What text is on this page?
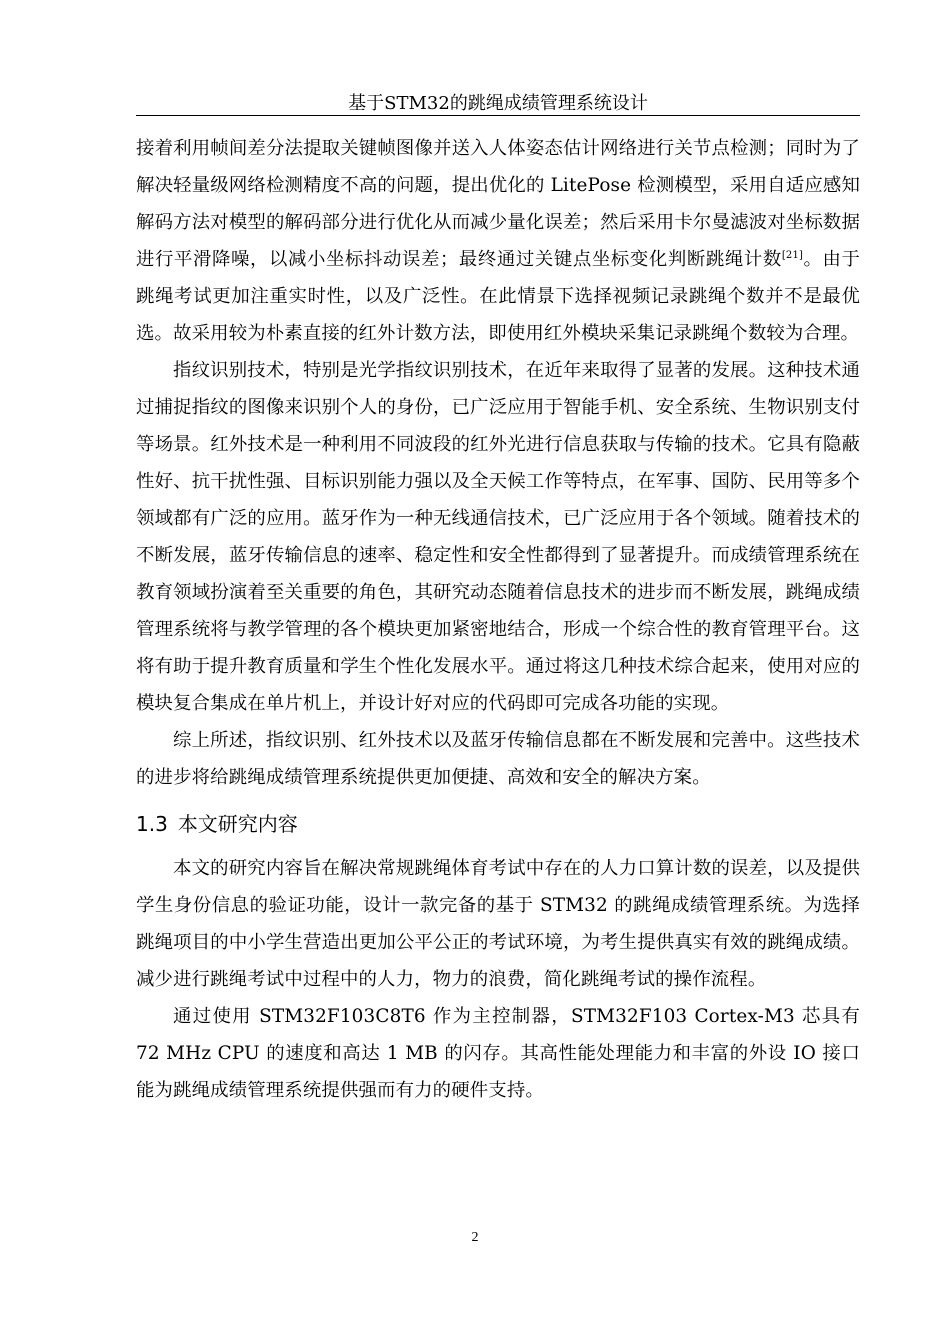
基于STM32的跳绳成绩管理系统设计

接着利用帧间差分法提取关键帧图像并送入人体姿态估计网络进行关节点检测；同时为了解决轻量级网络检测精度不高的问题，提出优化的 LitePose 检测模型，采用自适应感知解码方法对模型的解码部分进行优化从而减少量化误差；然后采用卡尔曼滤波对坐标数据进行平滑降噪，以减小坐标抖动误差；最终通过关键点坐标变化判断跳绳计数[21]。由于跳绳考试更加注重实时性，以及广泛性。在此情景下选择视频记录跳绳个数并不是最优选。故采用较为朴素直接的红外计数方法，即使用红外模块采集记录跳绳个数较为合理。

指纹识别技术，特别是光学指纹识别技术，在近年来取得了显著的发展。这种技术通过捕捉指纹的图像来识别个人的身份，已广泛应用于智能手机、安全系统、生物识别支付等场景。红外技术是一种利用不同波段的红外光进行信息获取与传输的技术。它具有隐蔽性好、抗干扰性强、目标识别能力强以及全天候工作等特点，在军事、国防、民用等多个领域都有广泛的应用。蓝牙作为一种无线通信技术，已广泛应用于各个领域。随着技术的不断发展，蓝牙传输信息的速率、稳定性和安全性都得到了显著提升。而成绩管理系统在教育领域扮演着至关重要的角色，其研究动态随着信息技术的进步而不断发展，跳绳成绩管理系统将与教学管理的各个模块更加紧密地结合，形成一个综合性的教育管理平台。这将有助于提升教育质量和学生个性化发展水平。通过将这几种技术综合起来，使用对应的模块复合集成在单片机上，并设计好对应的代码即可完成各功能的实现。

综上所述，指纹识别、红外技术以及蓝牙传输信息都在不断发展和完善中。这些技术的进步将给跳绳成绩管理系统提供更加便捷、高效和安全的解决方案。

1.3 本文研究内容

本文的研究内容旨在解决常规跳绳体育考试中存在的人力口算计数的误差，以及提供学生身份信息的验证功能，设计一款完备的基于 STM32 的跳绳成绩管理系统。为选择跳绳项目的中小学生营造出更加公平公正的考试环境，为考生提供真实有效的跳绳成绩。减少进行跳绳考试中过程中的人力，物力的浪费，简化跳绳考试的操作流程。

通过使用 STM32F103C8T6 作为主控制器，STM32F103 Cortex-M3 芯具有 72 MHz CPU 的速度和高达 1 MB 的闪存。其高性能处理能力和丰富的外设 IO 接口能为跳绳成绩管理系统提供强而有力的硬件支持。

2
